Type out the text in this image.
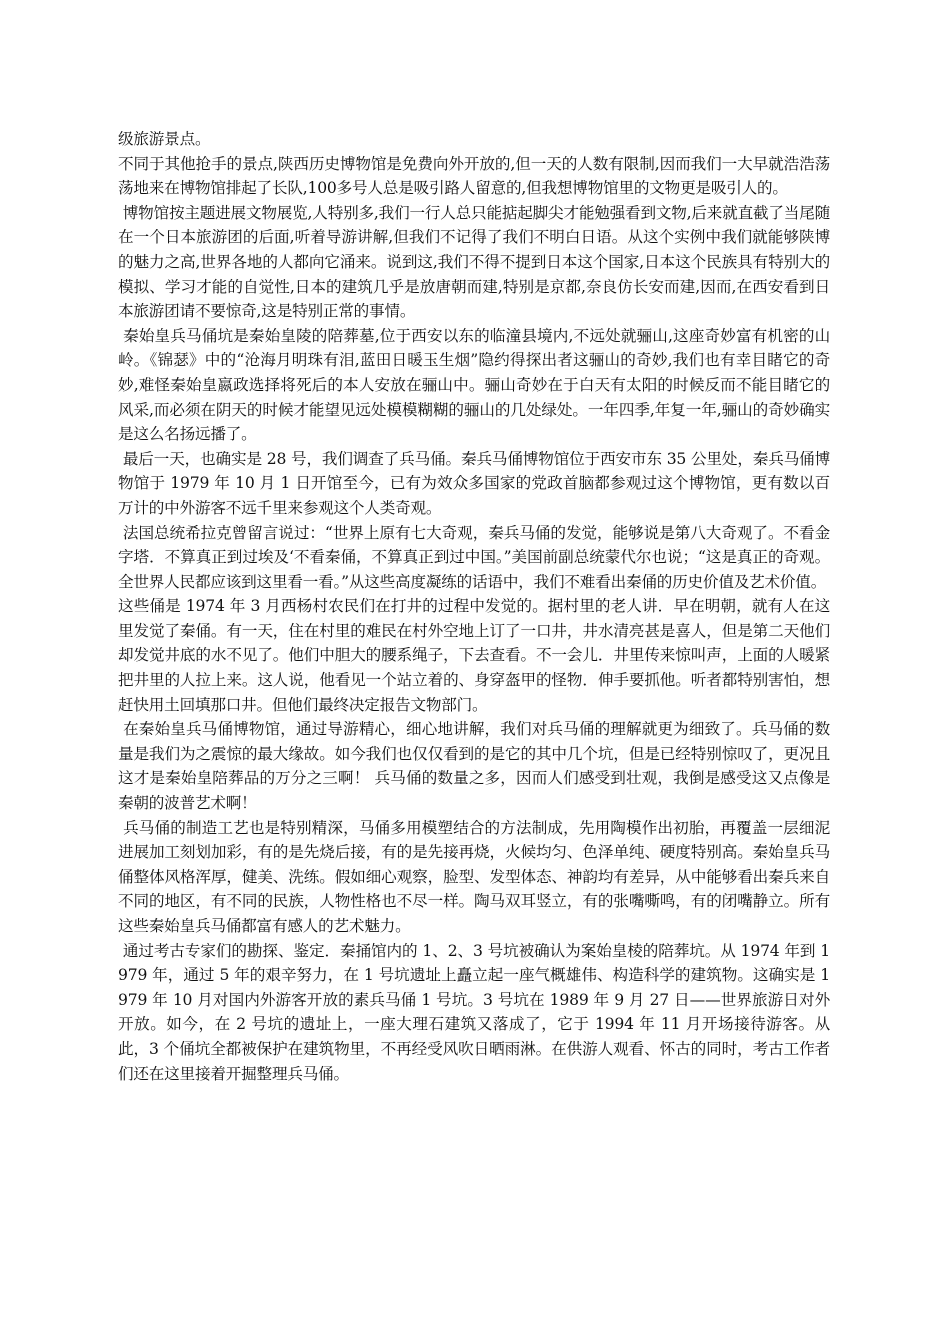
级旅游景点。

不同于其他抢手的景点,陕西历史博物馆是免费向外开放的,但一天的人数有限制,因而我们一大早就浩浩荡荡地来在博物馆排起了长队,100多号人总是吸引路人留意的,但我想博物馆里的文物更是吸引人的。

博物馆按主题进展文物展览,人特别多,我们一行人总只能掂起脚尖才能勉强看到文物,后来就直截了当尾随在一个日本旅游团的后面,听着导游讲解,但我们不记得了我们不明白日语。从这个实例中我们就能够陕博的魅力之高,世界各地的人都向它涌来。说到这,我们不得不提到日本这个国家,日本这个民族具有特别大的模拟、学习才能的自觉性,日本的建筑几乎是放唐朝而建,特别是京都,奈良仿长安而建,因而,在西安看到日本旅游团请不要惊奇,这是特别正常的事情。

秦始皇兵马俑坑是秦始皇陵的陪葬墓,位于西安以东的临潼县境内,不远处就骊山,这座奇妙富有机密的山岭。《锦瑟》中的“沧海月明珠有泪,蓝田日暖玉生烟”隐约得探出者这骊山的奇妙,我们也有幸目睹它的奇妙,难怪秦始皇嬴政选择将死后的本人安放在骊山中。骊山奇妙在于白天有太阳的时候反而不能目睹它的风采,而必须在阴天的时候才能望见远处模模糊糊的骊山的几处绿处。一年四季,年复一年,骊山的奇妙确实是这么名扬远播了。

最后一天，也确实是 28 号，我们调查了兵马俑。秦兵马俑博物馆位于西安市东 35 公里处，秦兵马俑博物馆于 1979 年 10 月 1 日开馆至今，已有为效众多国家的党政首脑都参观过这个博物馆，更有数以百万计的中外游客不远千里来参观这个人类奇观。

法国总统希拉克曾留言说过：“世界上原有七大奇观，秦兵马俑的发觉，能够说是第八大奇观了。不看金字塔．不算真正到过埃及‘不看秦俑，不算真正到过中国。”美国前副总统蒙代尔也说；“这是真正的奇观。全世界人民都应该到这里看一看。”从这些高度凝练的话语中，我们不难看出秦俑的历史价值及艺术价值。

这些俑是 1974 年 3 月西杨村农民们在打井的过程中发觉的。据村里的老人讲．早在明朝，就有人在这里发觉了秦俑。有一天，住在村里的难民在村外空地上订了一口井，井水清亮甚是喜人，但是第二天他们却发觉井底的水不见了。他们中胆大的腰系绳子，下去查看。不一会儿．井里传来惊叫声，上面的人暖紧把井里的人拉上来。这人说，他看见一个站立着的、身穿盔甲的怪物．伸手要抓他。听者都特别害怕，想赶快用土回填那口井。但他们最终决定报告文物部门。

在秦始皇兵马俑博物馆，通过导游精心，细心地讲解，我们对兵马俑的理解就更为细致了。兵马俑的数量是我们为之震惊的最大缘故。如今我们也仅仅看到的是它的其中几个坑，但是已经特别惊叹了，更况且这才是秦始皇陪葬品的万分之三啊！ 兵马俑的数量之多，因而人们感受到壮观，我倒是感受这又点像是秦朝的波普艺术啊！

兵马俑的制造工艺也是特别精深，马俑多用模塑结合的方法制成，先用陶模作出初胎，再覆盖一层细泥进展加工刻划加彩，有的是先烧后接，有的是先接再烧，火候均匀、色泽单纯、硬度特别高。秦始皇兵马俑整体风格浑厚，健美、洗练。假如细心观察，脸型、发型体态、神韵均有差异，从中能够看出秦兵来自不同的地区，有不同的民族，人物性格也不尽一样。陶马双耳竖立，有的张嘴嘶鸣，有的闭嘴静立。所有这些秦始皇兵马俑都富有感人的艺术魅力。

通过考古专家们的勘探、鉴定．秦捅馆内的 1、2、3 号坑被确认为案始皇棱的陪葬坑。从 1974 年到 1979 年，通过 5 年的艰辛努力，在 1 号坑遗址上矗立起一座气概雄伟、构造科学的建筑物。这确实是 1979 年 10 月对国内外游客开放的素兵马俑 1 号坑。3 号坑在 1989 年 9 月 27 日——世界旅游日对外开放。如今，在 2 号坑的遗址上，一座大理石建筑又落成了，它于 1994 年 11 月开场接待游客。从此，3 个俑坑全都被保护在建筑物里，不再经受风吹日晒雨淋。在供游人观看、怀古的同时，考古工作者们还在这里接着开掘整理兵马俑。
